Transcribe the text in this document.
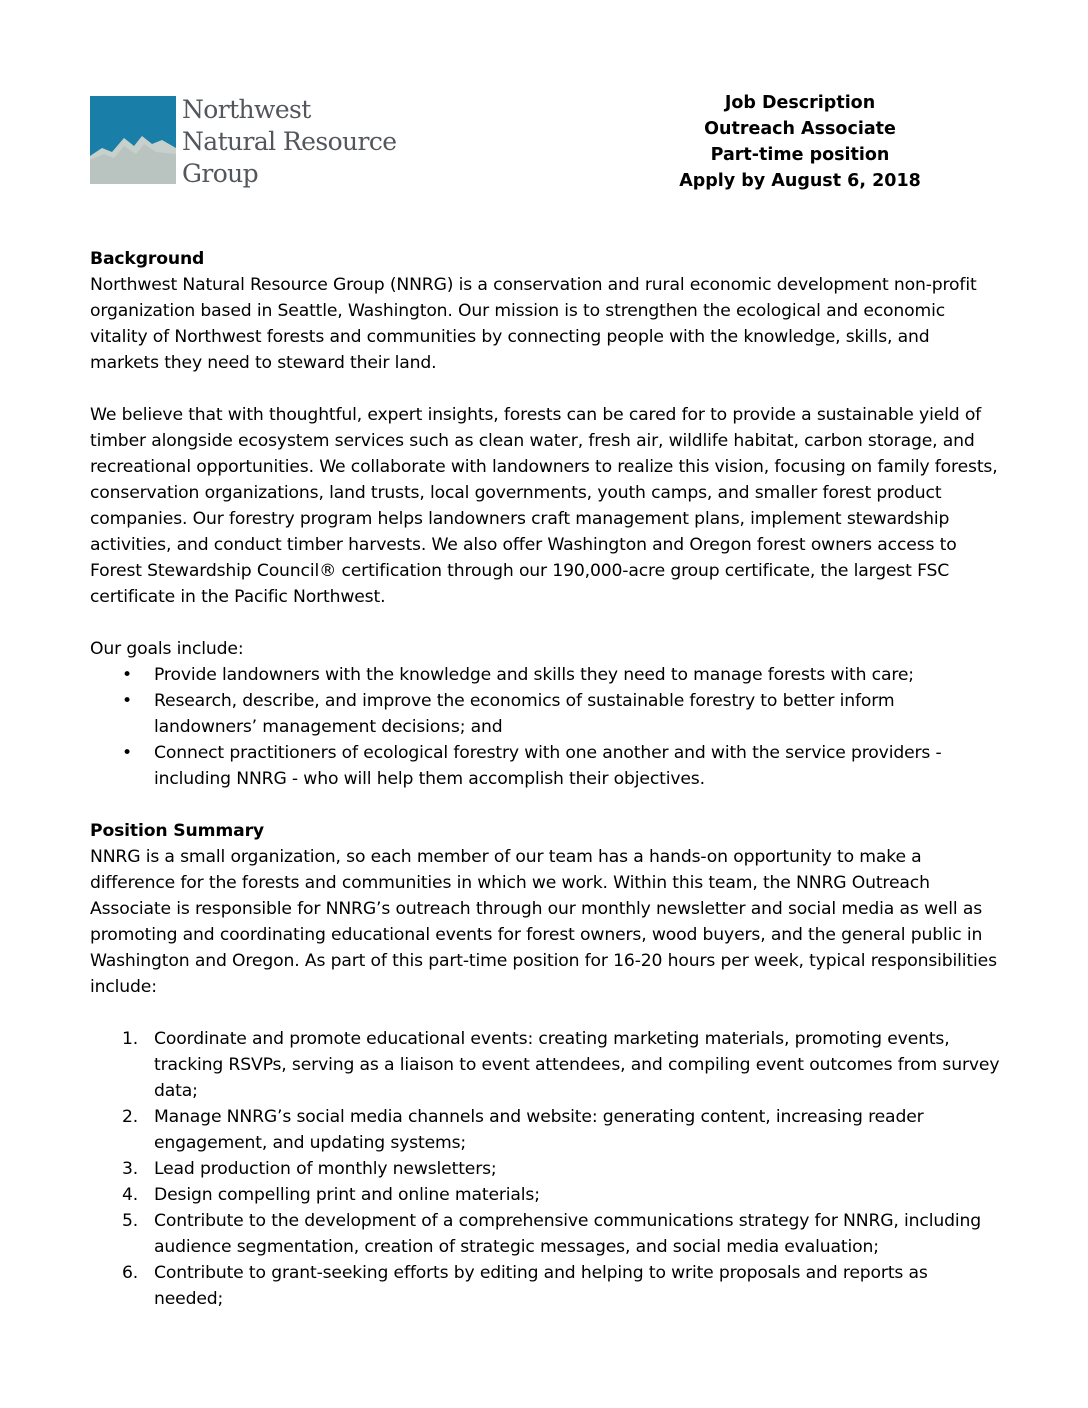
Northwest
Natural Resource
Group
Job Description
Outreach Associate
Part-time position
Apply by August 6, 2018

Background

Northwest Natural Resource Group (NNRG) is a conservation and rural economic development non-profit organization based in Seattle, Washington. Our mission is to strengthen the ecological and economic vitality of Northwest forests and communities by connecting people with the knowledge, skills, and markets they need to steward their land.

We believe that with thoughtful, expert insights, forests can be cared for to provide a sustainable yield of timber alongside ecosystem services such as clean water, fresh air, wildlife habitat, carbon storage, and recreational opportunities. We collaborate with landowners to realize this vision, focusing on family forests, conservation organizations, land trusts, local governments, youth camps, and smaller forest product companies. Our forestry program helps landowners craft management plans, implement stewardship activities, and conduct timber harvests. We also offer Washington and Oregon forest owners access to Forest Stewardship Council® certification through our 190,000-acre group certificate, the largest FSC certificate in the Pacific Northwest.

Our goals include:

• Provide landowners with the knowledge and skills they need to manage forests with care;
• Research, describe, and improve the economics of sustainable forestry to better inform landowners’ management decisions; and
• Connect practitioners of ecological forestry with one another and with the service providers - including NNRG - who will help them accomplish their objectives.

Position Summary

NNRG is a small organization, so each member of our team has a hands-on opportunity to make a difference for the forests and communities in which we work. Within this team, the NNRG Outreach Associate is responsible for NNRG’s outreach through our monthly newsletter and social media as well as promoting and coordinating educational events for forest owners, wood buyers, and the general public in Washington and Oregon. As part of this part-time position for 16-20 hours per week, typical responsibilities include:

1. Coordinate and promote educational events: creating marketing materials, promoting events, tracking RSVPs, serving as a liaison to event attendees, and compiling event outcomes from survey data;
2. Manage NNRG’s social media channels and website: generating content, increasing reader engagement, and updating systems;
3. Lead production of monthly newsletters;
4. Design compelling print and online materials;
5. Contribute to the development of a comprehensive communications strategy for NNRG, including audience segmentation, creation of strategic messages, and social media evaluation;
6. Contribute to grant-seeking efforts by editing and helping to write proposals and reports as needed;
